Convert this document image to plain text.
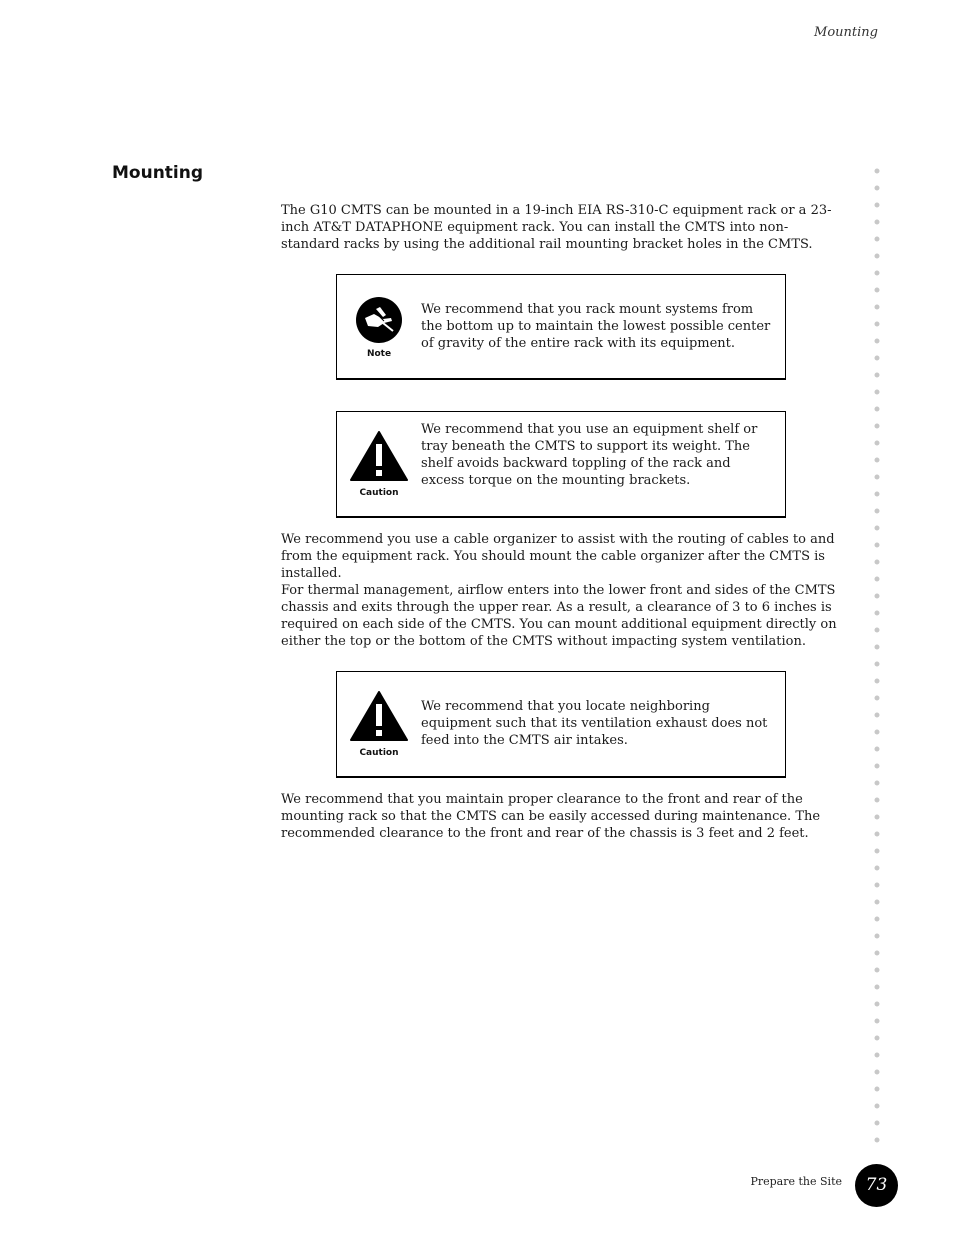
Mounting
Mounting

The G10 CMTS can be mounted in a 19-inch EIA RS-310-C equipment rack or a 23-inch AT&T DATAPHONE equipment rack. You can install the CMTS into non-standard racks by using the additional rail mounting bracket holes in the CMTS.

Note

We recommend that you rack mount systems from the bottom up to maintain the lowest possible center of gravity of the entire rack with its equipment.

Caution

We recommend that you use an equipment shelf or tray beneath the CMTS to support its weight. The shelf avoids backward toppling of the rack and excess torque on the mounting brackets.

We recommend you use a cable organizer to assist with the routing of cables to and from the equipment rack. You should mount the cable organizer after the CMTS is installed.

For thermal management, airflow enters into the lower front and sides of the CMTS chassis and exits through the upper rear. As a result, a clearance of 3 to 6 inches is required on each side of the CMTS. You can mount additional equipment directly on either the top or the bottom of the CMTS without impacting system ventilation.

Caution

We recommend that you locate neighboring equipment such that its ventilation exhaust does not feed into the CMTS air intakes.

We recommend that you maintain proper clearance to the front and rear of the mounting rack so that the CMTS can be easily accessed during maintenance. The recommended clearance to the front and rear of the chassis is 3 feet and 2 feet.

Prepare the Site	73
